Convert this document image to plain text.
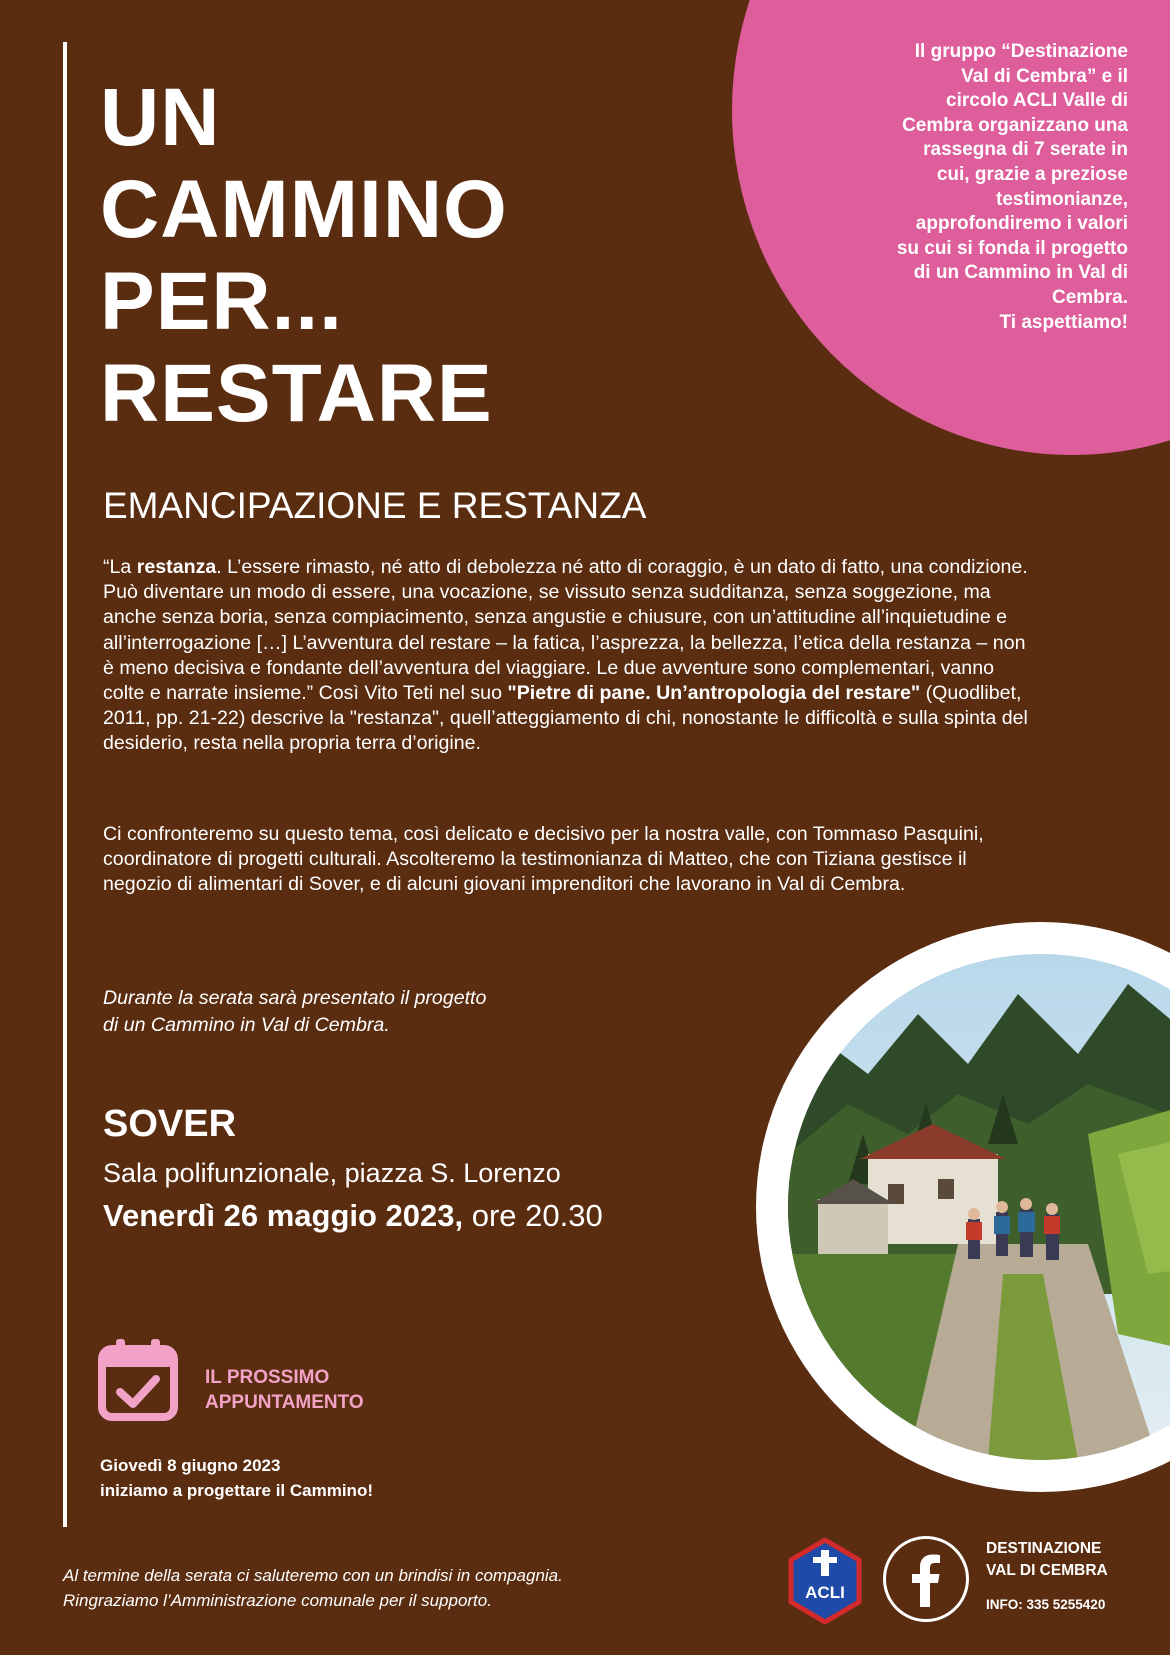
Il gruppo “Destinazione
Val di Cembra” e il
circolo ACLI Valle di
Cembra organizzano una
rassegna di 7 serate in
cui, grazie a preziose
testimonianze,
approfondiremo i valori
su cui si fonda il progetto
di un Cammino in Val di
Cembra.
Ti aspettiamo!
UN
CAMMINO
PER...
RESTARE
EMANCIPAZIONE E RESTANZA

“La restanza. L’essere rimasto, né atto di debolezza né atto di coraggio, è un dato di fatto, una condizione. Può diventare un modo di essere, una vocazione, se vissuto senza sudditanza, senza soggezione, ma anche senza boria, senza compiacimento, senza angustie e chiusure, con un’attitudine all’inquietudine e all’interrogazione […] L’avventura del restare – la fatica, l’asprezza, la bellezza, l’etica della restanza – non è meno decisiva e fondante dell’avventura del viaggiare. Le due avventure sono complementari, vanno colte e narrate insieme.” Così Vito Teti nel suo "Pietre di pane. Un’antropologia del restare" (Quodlibet, 2011, pp. 21-22) descrive la "restanza", quell’atteggiamento di chi, nonostante le difficoltà e sulla spinta del desiderio, resta nella propria terra d’origine.

Ci confronteremo su questo tema, così delicato e decisivo per la nostra valle, con Tommaso Pasquini, coordinatore di progetti culturali. Ascolteremo la testimonianza di Matteo, che con Tiziana gestisce il negozio di alimentari di Sover, e di alcuni giovani imprenditori che lavorano in Val di Cembra.

Durante la serata sarà presentato il progetto
di un Cammino in Val di Cembra.
SOVER
Sala polifunzionale, piazza S. Lorenzo
Venerdì 26 maggio 2023, ore 20.30
IL PROSSIMO
APPUNTAMENTO
Giovedì 8 giugno 2023
iniziamo a progettare il Cammino!
Al termine della serata ci saluteremo con un brindisi in compagnia.
Ringraziamo l’Amministrazione comunale per il supporto.	ACLI
DESTINAZIONE
VAL DI CEMBRA
INFO: 335 5255420
